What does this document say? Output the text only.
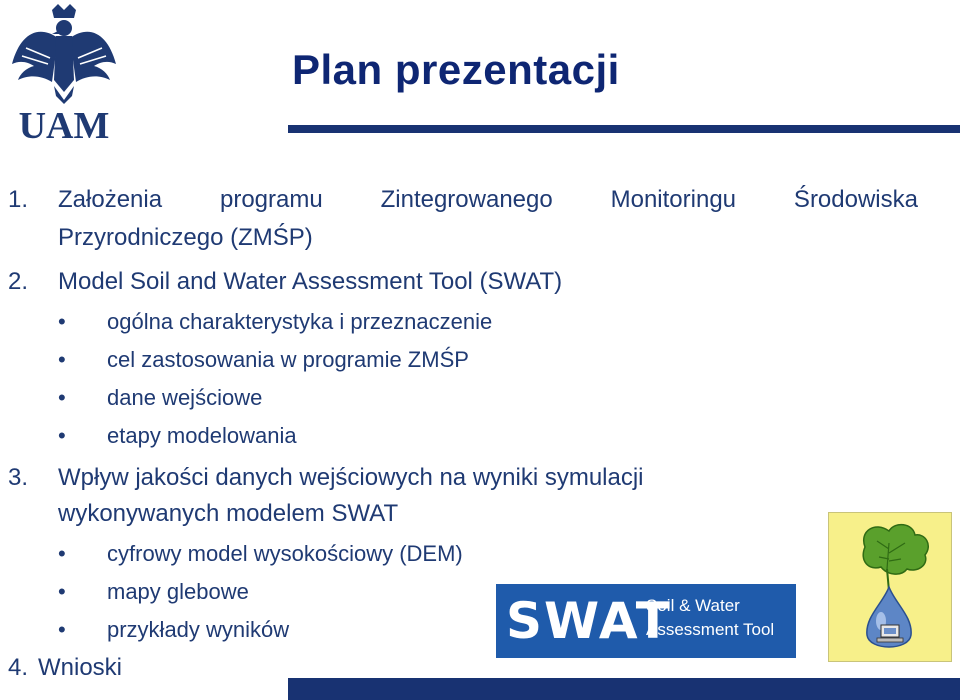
UAM
Plan prezentacji
1.	Założenia programu Zintegrowanego Monitoringu Środowiska
Przyrodniczego (ZMŚP)
2.	Model Soil and Water Assessment Tool (SWAT)
• ogólna charakterystyka i przeznaczenie
• cel zastosowania w programie ZMŚP
• dane wejściowe
• etapy modelowania
3.	Wpływ jakości danych wejściowych na wyniki symulacji
wykonywanych modelem SWAT
• cyfrowy model wysokościowy (DEM)
• mapy glebowe
• przykłady wyników
4. Wnioski
SWAT
Soil & Water
Assessment Tool
